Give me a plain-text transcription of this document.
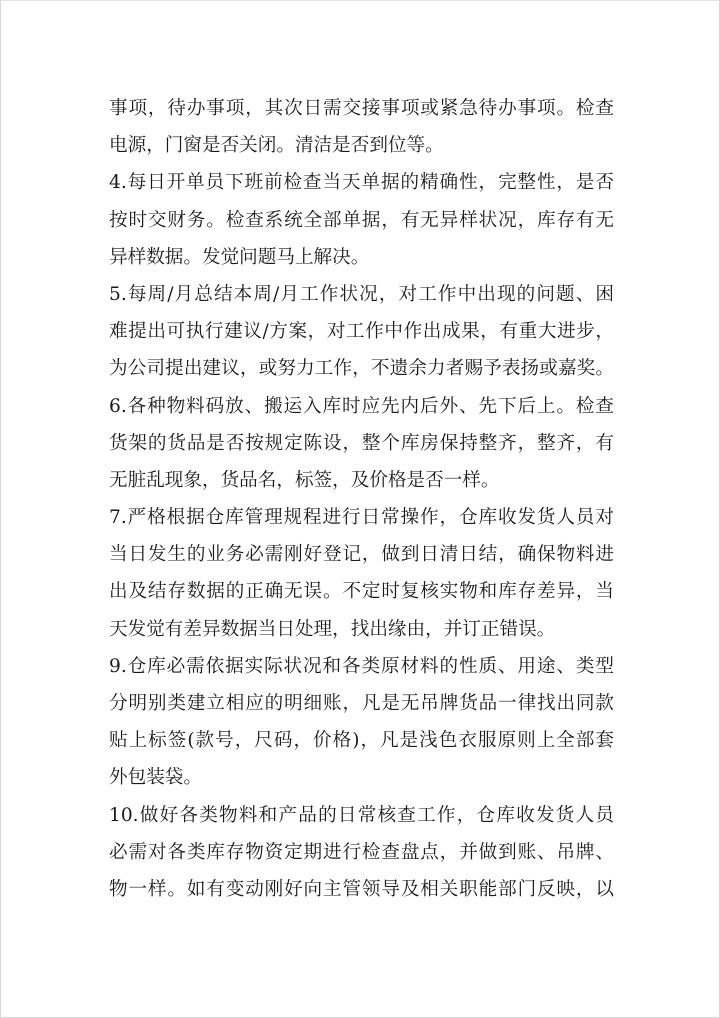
事项，待办事项，其次日需交接事项或紧急待办事项。检查
电源，门窗是否关闭。清洁是否到位等。
4.每日开单员下班前检查当天单据的精确性，完整性，是否
按时交财务。检查系统全部单据，有无异样状况，库存有无
异样数据。发觉问题马上解决。
5.每周/月总结本周/月工作状况，对工作中出现的问题、困
难提出可执行建议/方案，对工作中作出成果，有重大进步，
为公司提出建议，或努力工作，不遗余力者赐予表扬或嘉奖。
6.各种物料码放、搬运入库时应先内后外、先下后上。检查
货架的货品是否按规定陈设，整个库房保持整齐，整齐，有
无脏乱现象，货品名，标签，及价格是否一样。
7.严格根据仓库管理规程进行日常操作，仓库收发货人员对
当日发生的业务必需刚好登记，做到日清日结，确保物料进
出及结存数据的正确无误。不定时复核实物和库存差异，当
天发觉有差异数据当日处理，找出缘由，并订正错误。
9.仓库必需依据实际状况和各类原材料的性质、用途、类型
分明别类建立相应的明细账，凡是无吊牌货品一律找出同款
贴上标签(款号，尺码，价格)，凡是浅色衣服原则上全部套
外包装袋。
10.做好各类物料和产品的日常核查工作，仓库收发货人员
必需对各类库存物资定期进行检查盘点，并做到账、吊牌、
物一样。如有变动刚好向主管领导及相关职能部门反映，以
